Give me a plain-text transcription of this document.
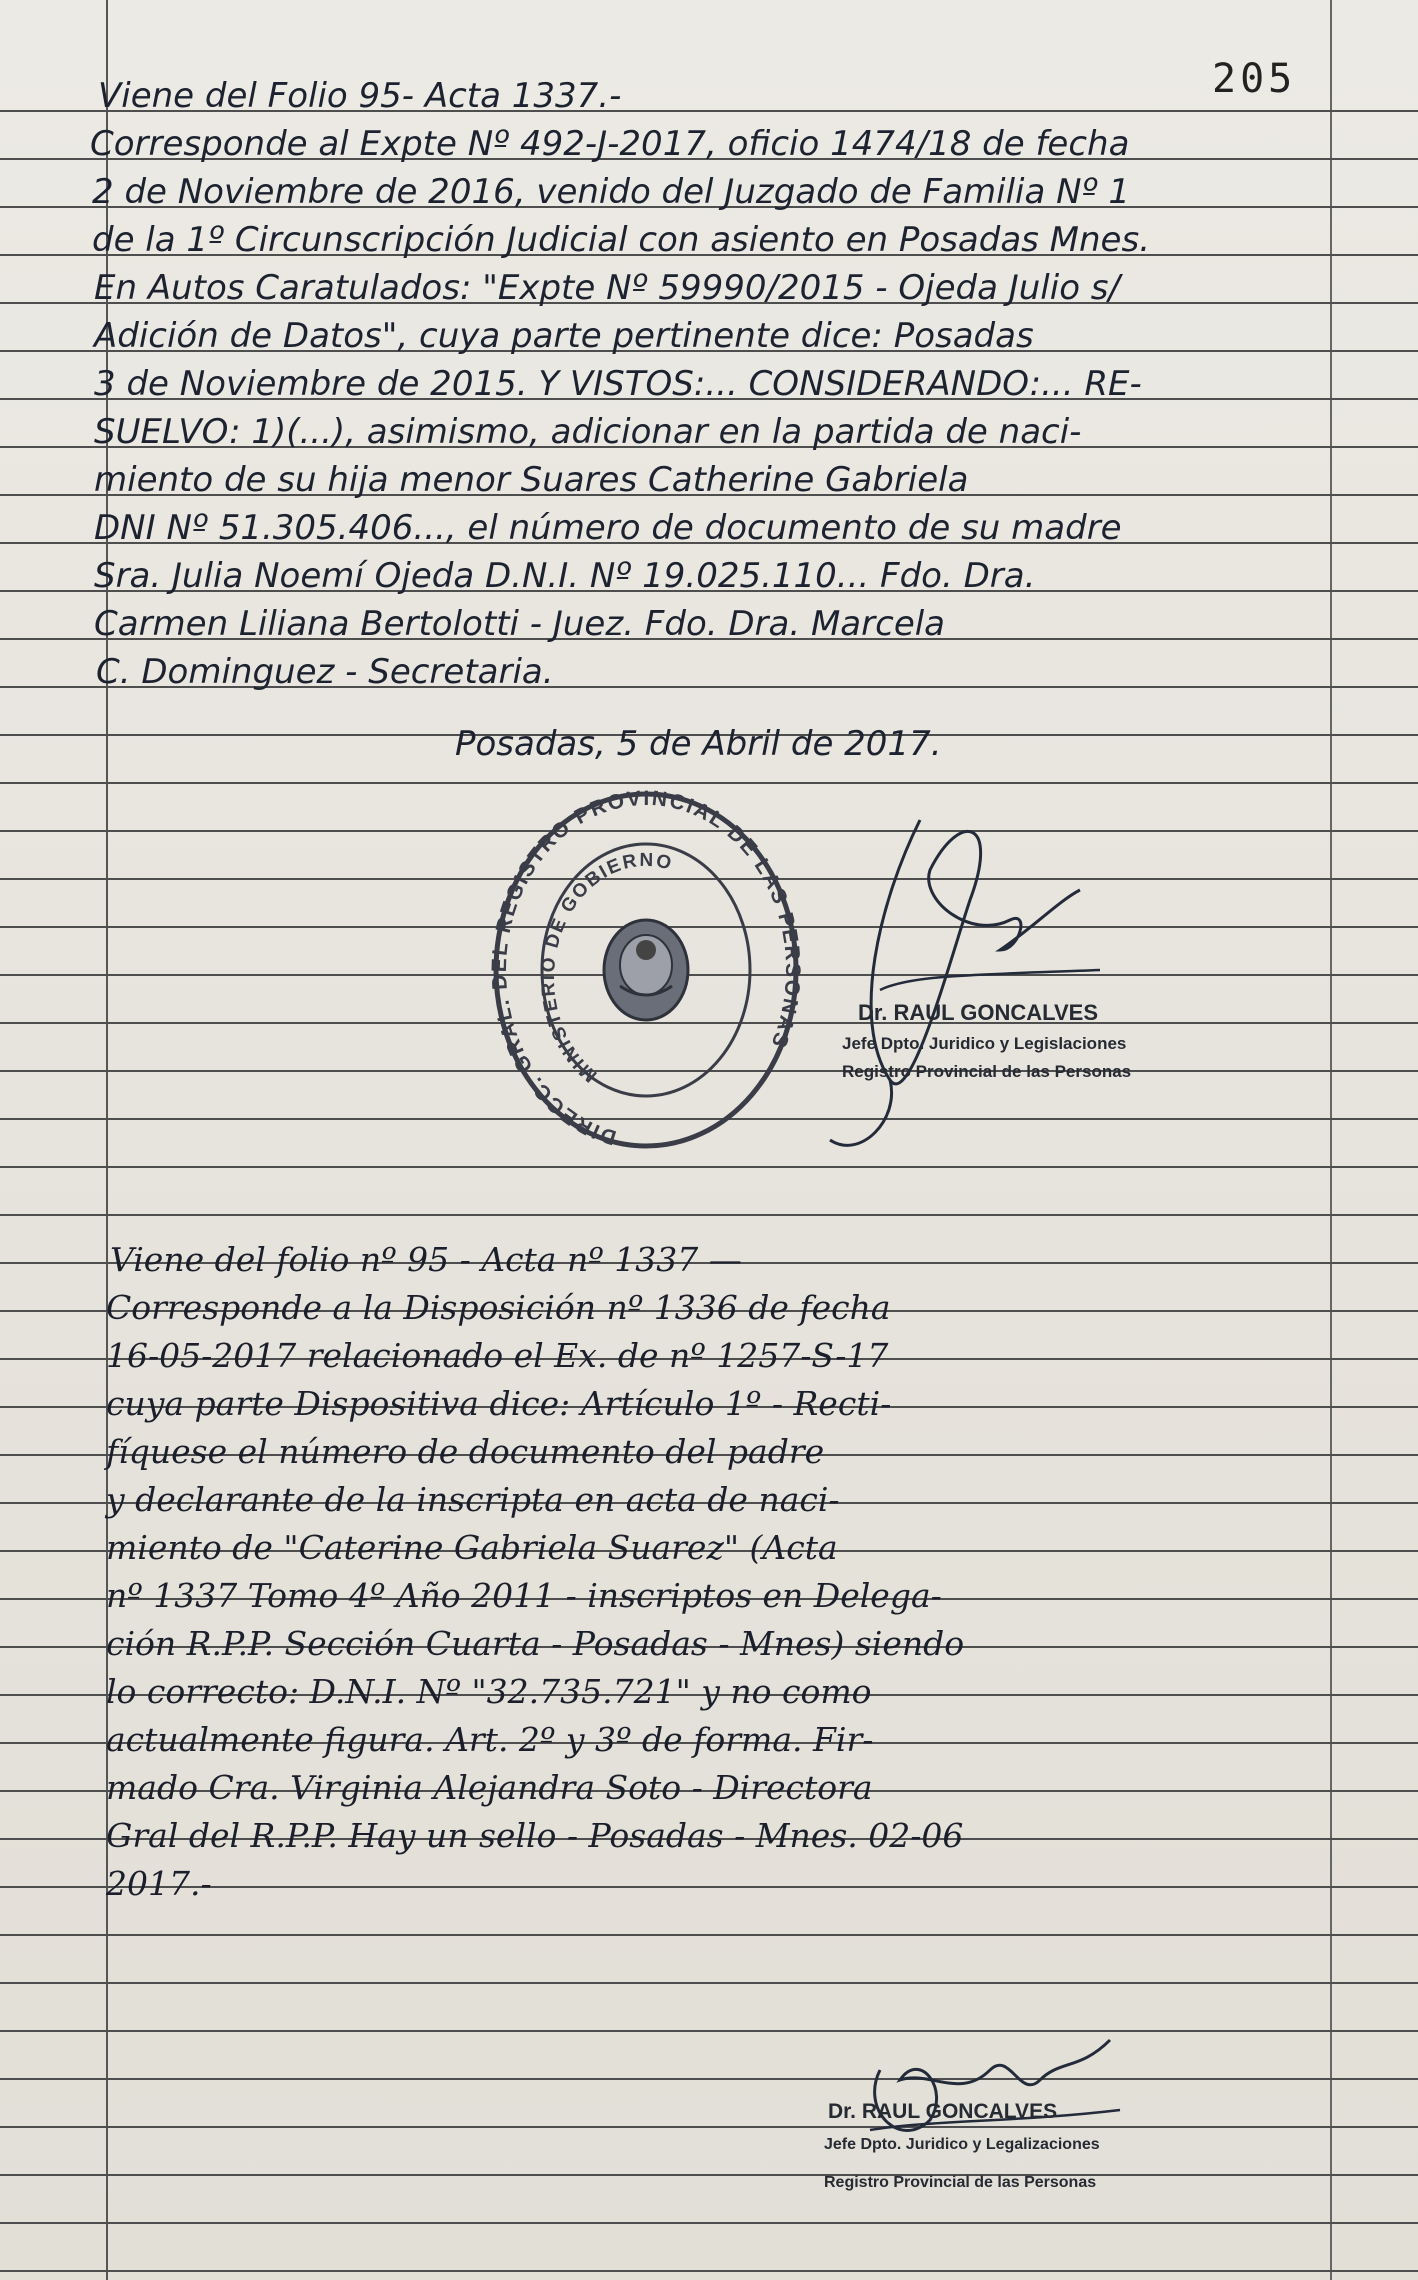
205
Viene del Folio 95- Acta 1337.-
Corresponde al Expte Nº 492-J-2017, oficio 1474/18 de fecha
2 de Noviembre de 2016, venido del Juzgado de Familia Nº 1
de la 1º Circunscripción Judicial con asiento en Posadas Mnes.
En Autos Caratulados: "Expte Nº 59990/2015 - Ojeda Julio s/
Adición de Datos", cuya parte pertinente dice: Posadas
3 de Noviembre de 2015. Y VISTOS:... CONSIDERANDO:... RE-
SUELVO: 1)(...), asimismo, adicionar en la partida de naci-
miento de su hija menor Suares Catherine Gabriela
DNI Nº 51.305.406..., el número de documento de su madre
Sra. Julia Noemí Ojeda D.N.I. Nº 19.025.110... Fdo. Dra.
Carmen Liliana Bertolotti - Juez. Fdo. Dra. Marcela
C. Dominguez - Secretaria.
Posadas, 5 de Abril de 2017.
DIRECC. GRAL. DEL REGISTRO PROVINCIAL DE LAS PERSONAS
MINISTERIO DE GOBIERNO
Dr. RAUL GONCALVES
Jefe Dpto. Juridico y Legislaciones
Registro Provincial de las Personas
Viene del folio nº 95 - Acta nº 1337 —
Corresponde a la Disposición nº 1336 de fecha
16-05-2017 relacionado el Ex. de nº 1257-S-17
cuya parte Dispositiva dice: Artículo 1º - Recti-
fíquese el número de documento del padre
y declarante de la inscripta en acta de naci-
miento de "Caterine Gabriela Suarez" (Acta
nº 1337 Tomo 4º Año 2011 - inscriptos en Delega-
ción R.P.P. Sección Cuarta - Posadas - Mnes) siendo
lo correcto: D.N.I. Nº "32.735.721" y no como
actualmente figura. Art. 2º y 3º de forma. Fir-
mado Cra. Virginia Alejandra Soto - Directora
Gral del R.P.P. Hay un sello - Posadas - Mnes. 02-06
2017.-
Dr. RAUL GONCALVES
Jefe Dpto. Juridico y Legalizaciones
Registro Provincial de las Personas
